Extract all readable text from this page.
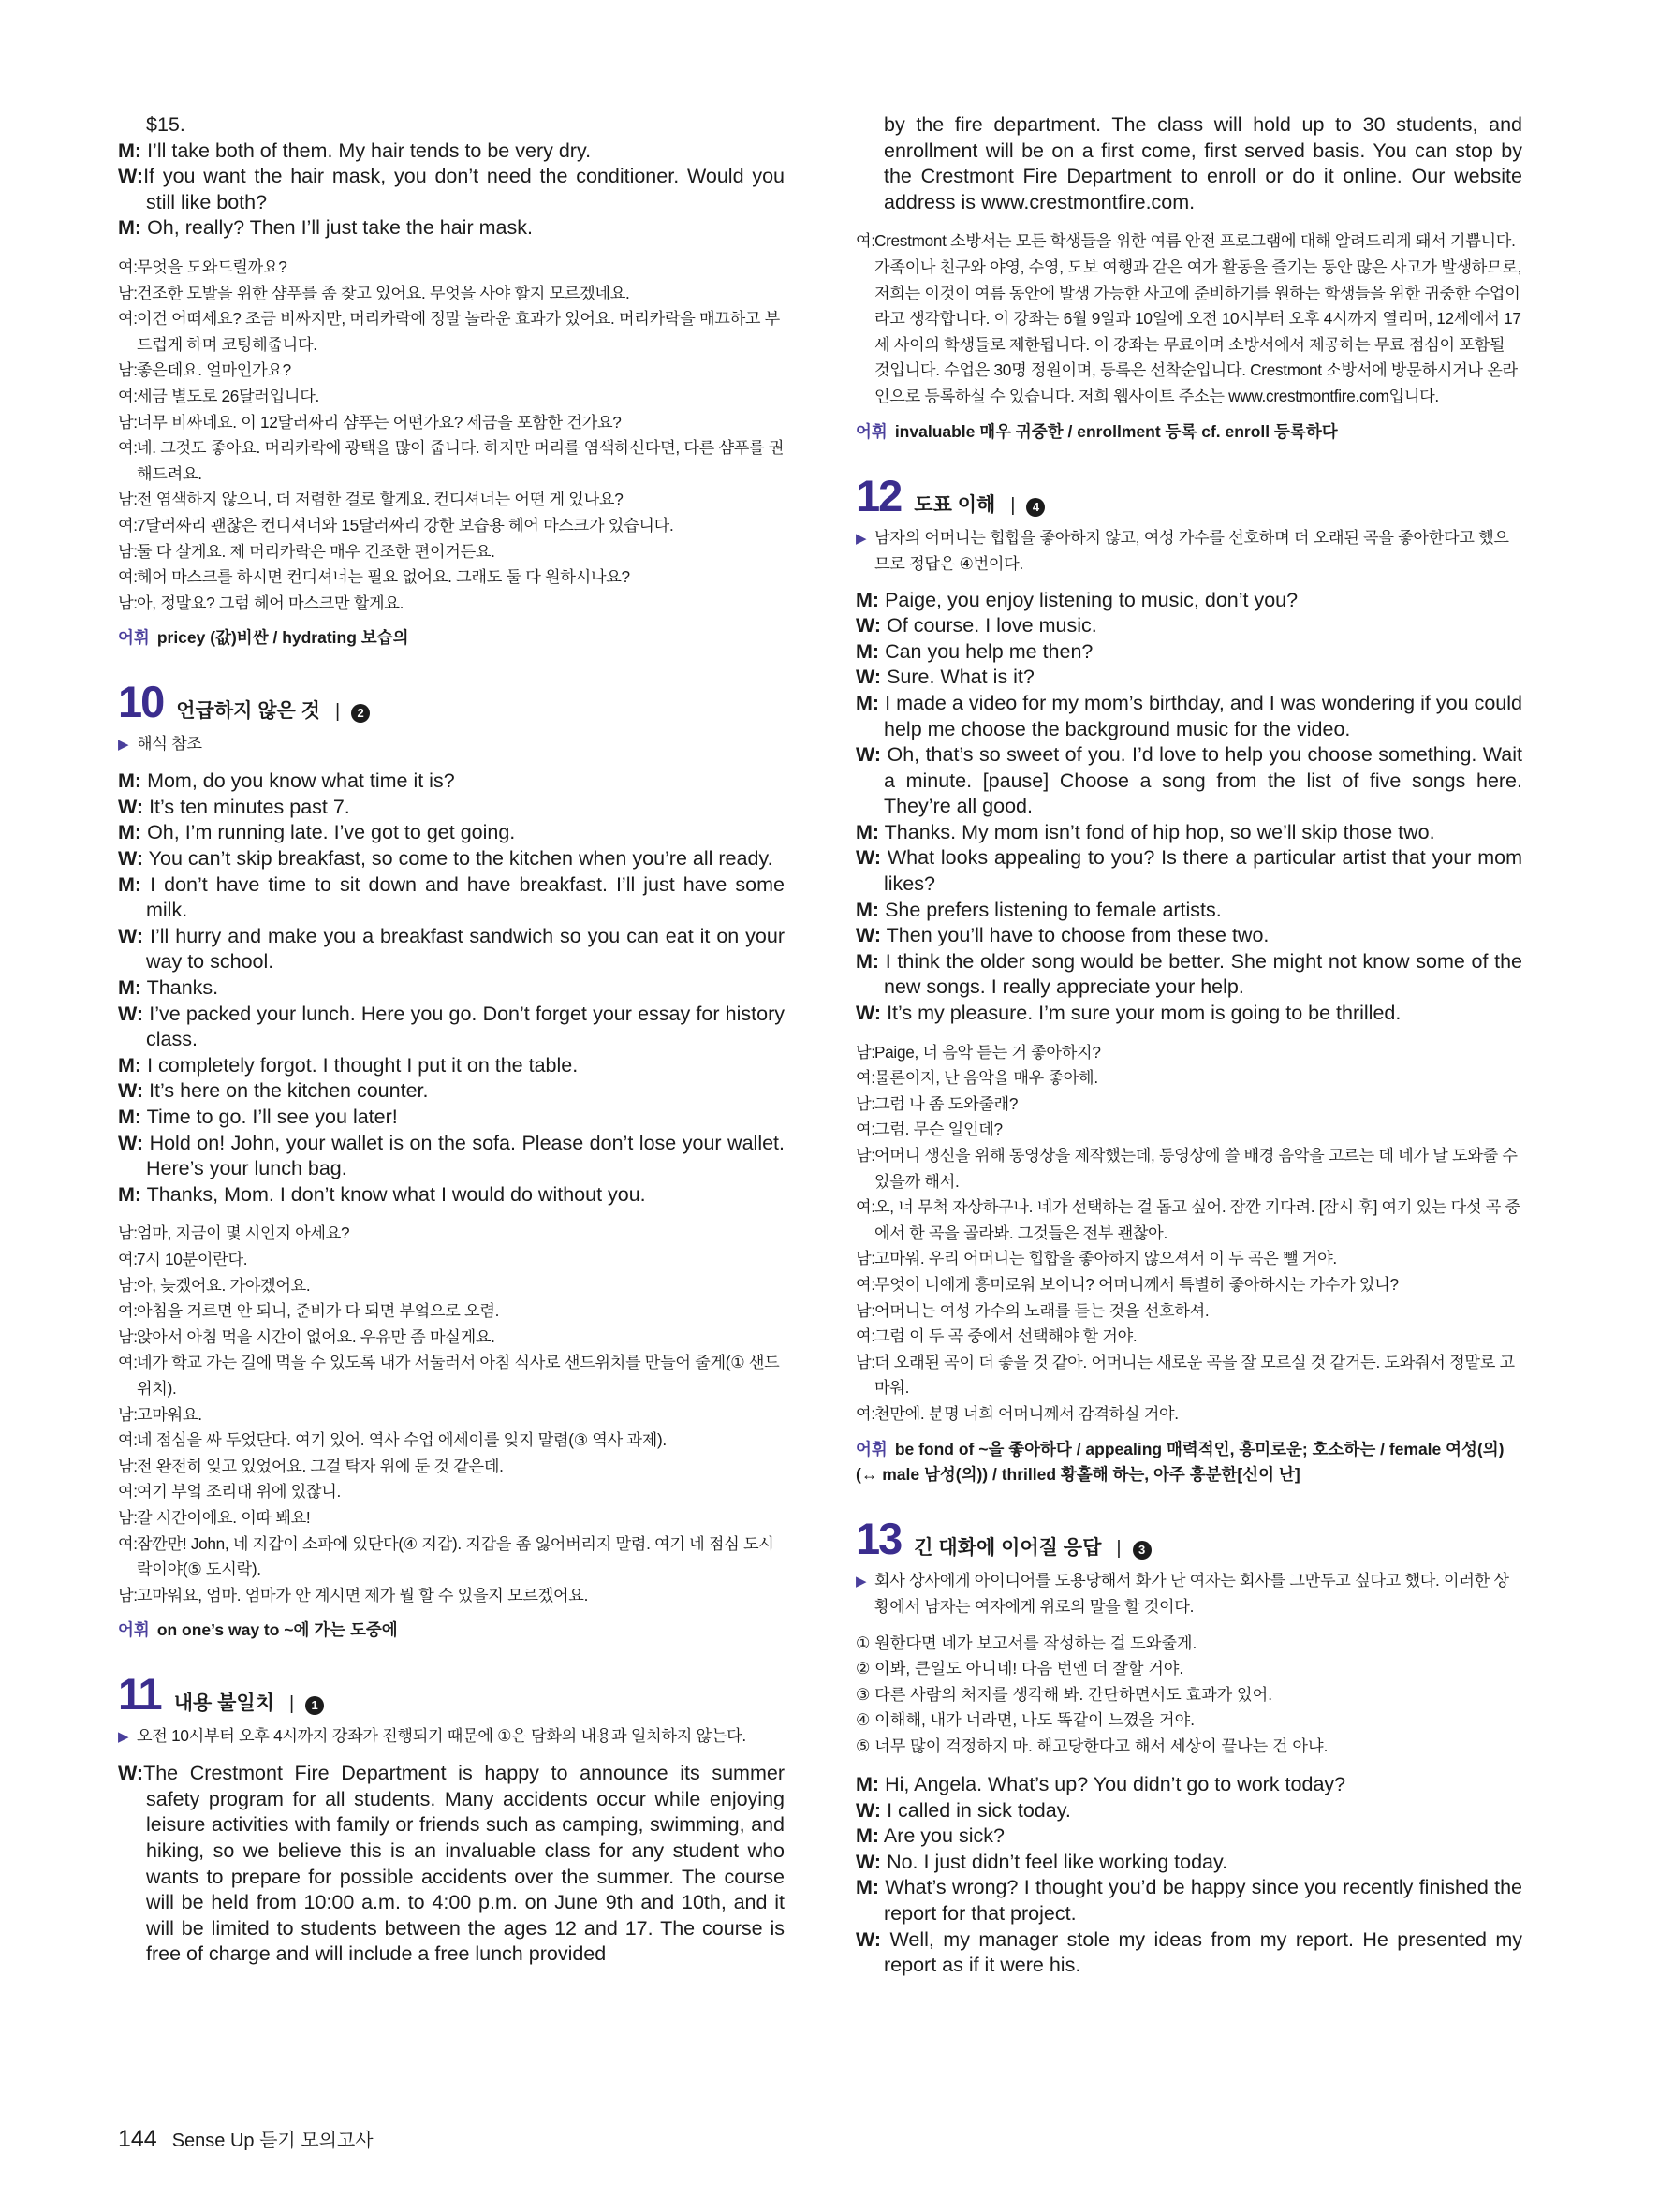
$15.
M: I’ll take both of them. My hair tends to be very dry.
W:If you want the hair mask, you don’t need the conditioner. Would you still like both?
M: Oh, really? Then I’ll just take the hair mask.
여:무엇을 도와드릴까요?
남:건조한 모발을 위한 샴푸를 좀 찾고 있어요. 무엇을 사야 할지 모르겠네요.
여:이건 어떠세요? 조금 비싸지만, 머리카락에 정말 놀라운 효과가 있어요. 머리카락을 매끄하고 부드럽게 하며 코팅해줍니다.
남:좋은데요. 얼마인가요?
여:세금 별도로 26달러입니다.
남:너무 비싸네요. 이 12달러짜리 샴푸는 어떤가요? 세금을 포함한 건가요?
여:네. 그것도 좋아요. 머리카락에 광택을 많이 줍니다. 하지만 머리를 염색하신다면, 다른 샴푸를 권해드려요.
남:전 염색하지 않으니, 더 저렴한 걸로 할게요. 컨디셔너는 어떤 게 있나요?
여:7달러짜리 괜찮은 컨디셔너와 15달러짜리 강한 보습용 헤어 마스크가 있습니다.
남:둘 다 살게요. 제 머리카락은 매우 건조한 편이거든요.
여:헤어 마스크를 하시면 컨디셔너는 필요 없어요. 그래도 둘 다 원하시나요?
남:아, 정말요? 그럼 헤어 마스크만 할게요.
어휘 pricey (값)비싼 / hydrating 보습의
10 언급하지 않은 것 |	2
▶ 해석 참조
M: Mom, do you know what time it is?
W: It’s ten minutes past 7.
M: Oh, I’m running late. I’ve got to get going.
W: You can’t skip breakfast, so come to the kitchen when you’re all ready.
M: I don’t have time to sit down and have breakfast. I’ll just have some milk.
W: I’ll hurry and make you a breakfast sandwich so you can eat it on your way to school.
M: Thanks.
W: I’ve packed your lunch. Here you go. Don’t forget your essay for history class.
M: I completely forgot. I thought I put it on the table.
W: It’s here on the kitchen counter.
M: Time to go. I’ll see you later!
W: Hold on! John, your wallet is on the sofa. Please don’t lose your wallet. Here’s your lunch bag.
M: Thanks, Mom. I don’t know what I would do without you.
남:엄마, 지금이 몇 시인지 아세요?
여:7시 10분이란다.
남:아, 늦겠어요. 가야겠어요.
여:아침을 거르면 안 되니, 준비가 다 되면 부엌으로 오렴.
남:앉아서 아침 먹을 시간이 없어요. 우유만 좀 마실게요.
여:네가 학교 가는 길에 먹을 수 있도록 내가 서둘러서 아침 식사로 샌드위치를 만들어 줄게(① 샌드위치).
남:고마워요.
여:네 점심을 싸 두었단다. 여기 있어. 역사 수업 에세이를 잊지 말렴(③ 역사 과제).
남:전 완전히 잊고 있었어요. 그걸 탁자 위에 둔 것 같은데.
여:여기 부엌 조리대 위에 있잖니.
남:갈 시간이에요. 이따 봬요!
여:잠깐만! John, 네 지갑이 소파에 있단다(④ 지갑). 지갑을 좀 잃어버리지 말렴. 여기 네 점심 도시락이야(⑤ 도시락).
남:고마워요, 엄마. 엄마가 안 계시면 제가 뭘 할 수 있을지 모르겠어요.
어휘 on one’s way to ~에 가는 도중에
11 내용 불일치 |	1
▶ 오전 10시부터 오후 4시까지 강좌가 진행되기 때문에 ①은 담화의 내용과 일치하지 않는다.
W:The Crestmont Fire Department is happy to announce its summer safety program for all students. Many accidents occur while enjoying leisure activities with family or friends such as camping, swimming, and hiking, so we believe this is an invaluable class for any student who wants to prepare for possible accidents over the summer. The course will be held from 10:00 a.m. to 4:00 p.m. on June 9th and 10th, and it will be limited to students between the ages 12 and 17. The course is free of charge and will include a free lunch provided
by the fire department. The class will hold up to 30 students, and enrollment will be on a first come, first served basis. You can stop by the Crestmont Fire Department to enroll or do it online. Our website address is www.crestmontfire.com.
여:Crestmont 소방서는 모든 학생들을 위한 여름 안전 프로그램에 대해 알려드리게 돼서 기쁩니다. 가족이나 친구와 야영, 수영, 도보 여행과 같은 여가 활동을 즐기는 동안 많은 사고가 발생하므로, 저희는 이것이 여름 동안에 발생 가능한 사고에 준비하기를 원하는 학생들을 위한 귀중한 수업이라고 생각합니다. 이 강좌는 6월 9일과 10일에 오전 10시부터 오후 4시까지 열리며, 12세에서 17세 사이의 학생들로 제한됩니다. 이 강좌는 무료이며 소방서에서 제공하는 무료 점심이 포함될 것입니다. 수업은 30명 정원이며, 등록은 선착순입니다. Crestmont 소방서에 방문하시거나 온라인으로 등록하실 수 있습니다. 저희 웹사이트 주소는 www.crestmontfire.com입니다.
어휘 invaluable 매우 귀중한 / enrollment 등록 cf. enroll 등록하다
12 도표 이해 |	4
▶ 남자의 어머니는 힙합을 좋아하지 않고, 여성 가수를 선호하며 더 오래된 곡을 좋아한다고 했으므로 정답은 ④번이다.
M: Paige, you enjoy listening to music, don’t you?
W: Of course. I love music.
M: Can you help me then?
W: Sure. What is it?
M: I made a video for my mom’s birthday, and I was wondering if you could help me choose the background music for the video.
W: Oh, that’s so sweet of you. I’d love to help you choose something. Wait a minute. [pause] Choose a song from the list of five songs here. They’re all good.
M: Thanks. My mom isn’t fond of hip hop, so we’ll skip those two.
W: What looks appealing to you? Is there a particular artist that your mom likes?
M: She prefers listening to female artists.
W: Then you’ll have to choose from these two.
M: I think the older song would be better. She might not know some of the new songs. I really appreciate your help.
W: It’s my pleasure. I’m sure your mom is going to be thrilled.
남:Paige, 너 음악 듣는 거 좋아하지?
여:물론이지, 난 음악을 매우 좋아해.
남:그럼 나 좀 도와줄래?
여:그럼. 무슨 일인데?
남:어머니 생신을 위해 동영상을 제작했는데, 동영상에 쓸 배경 음악을 고르는 데 네가 날 도와줄 수 있을까 해서.
여:오, 너 무척 자상하구나. 네가 선택하는 걸 돕고 싶어. 잠깐 기다려. [잠시 후] 여기 있는 다섯 곡 중에서 한 곡을 골라봐. 그것들은 전부 괜찮아.
남:고마워. 우리 어머니는 힙합을 좋아하지 않으셔서 이 두 곡은 뺄 거야.
여:무엇이 너에게 흥미로워 보이니? 어머니께서 특별히 좋아하시는 가수가 있니?
남:어머니는 여성 가수의 노래를 듣는 것을 선호하셔.
여:그럼 이 두 곡 중에서 선택해야 할 거야.
남:더 오래된 곡이 더 좋을 것 같아. 어머니는 새로운 곡을 잘 모르실 것 같거든. 도와줘서 정말로 고마워.
여:천만에. 분명 너희 어머니께서 감격하실 거야.
어휘 be fond of ~을 좋아하다 / appealing 매력적인, 흥미로운; 호소하는 / female 여성(의) (↔ male 남성(의)) / thrilled 황홀해 하는, 아주 흥분한[신이 난]
13 긴 대화에 이어질 응답 |	3
▶ 회사 상사에게 아이디어를 도용당해서 화가 난 여자는 회사를 그만두고 싶다고 했다. 이러한 상황에서 남자는 여자에게 위로의 말을 할 것이다.
① 원한다면 네가 보고서를 작성하는 걸 도와줄게.
② 이봐, 큰일도 아니네! 다음 번엔 더 잘할 거야.
③ 다른 사람의 처지를 생각해 봐. 간단하면서도 효과가 있어.
④ 이해해, 내가 너라면, 나도 똑같이 느꼈을 거야.
⑤ 너무 많이 걱정하지 마. 해고당한다고 해서 세상이 끝나는 건 아냐.
M: Hi, Angela. What’s up? You didn’t go to work today?
W: I called in sick today.
M: Are you sick?
W: No. I just didn’t feel like working today.
M: What’s wrong? I thought you’d be happy since you recently finished the report for that project.
W: Well, my manager stole my ideas from my report. He presented my report as if it were his.
144 Sense Up 듣기 모의고사
